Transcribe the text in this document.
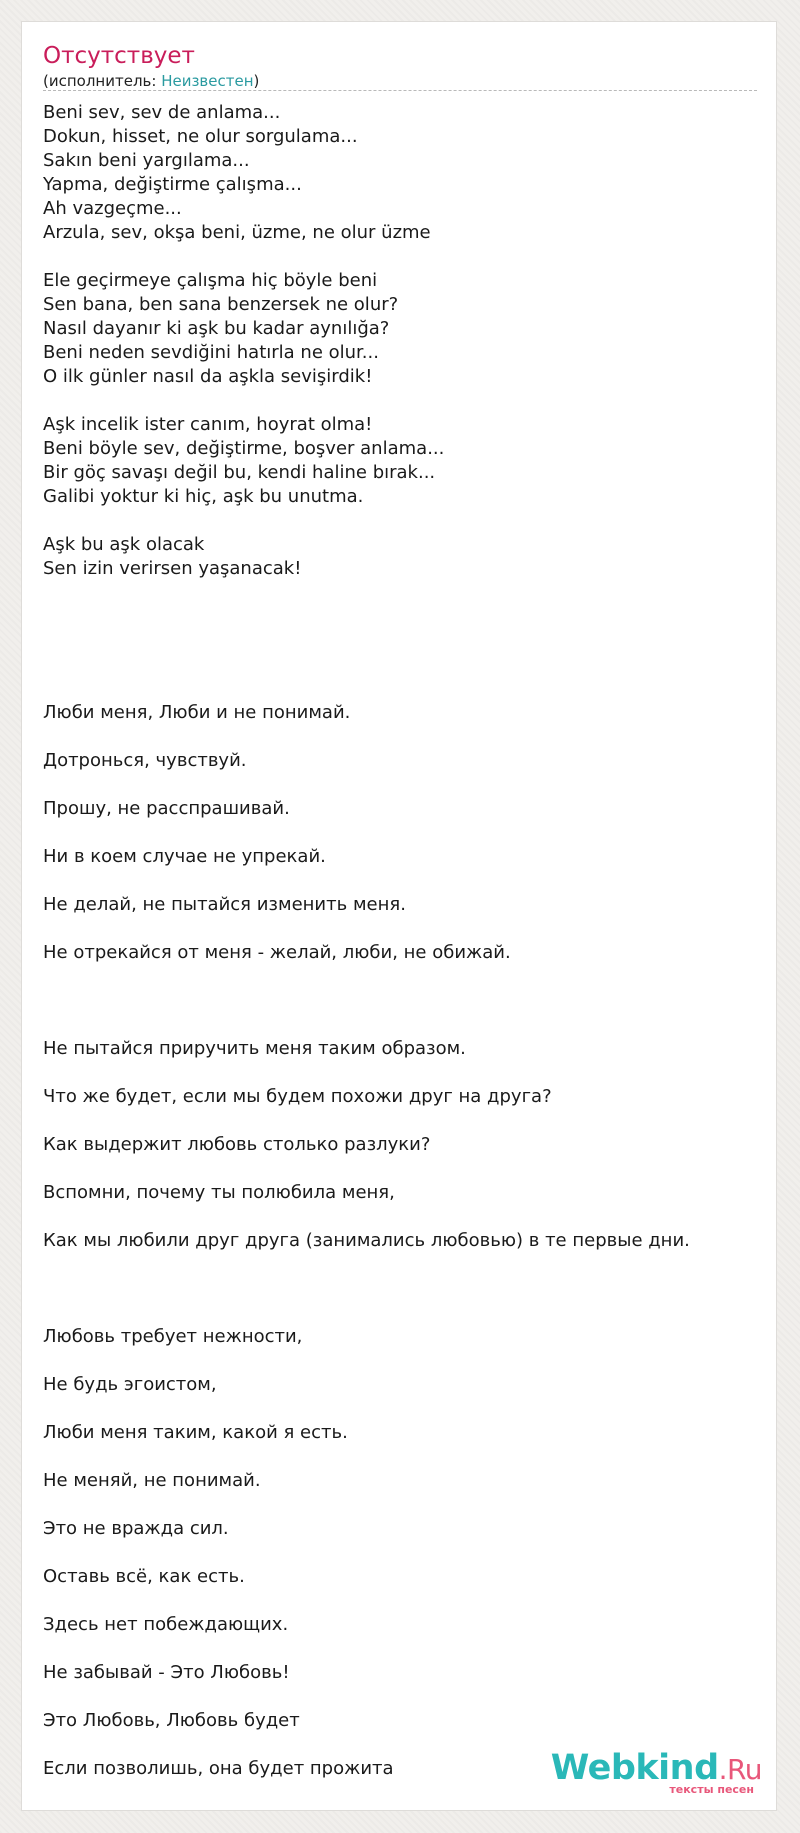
Отсутствует
(исполнитель: Неизвестен)
Beni sev, sev de anlama...
Dokun, hisset, ne olur sorgulama...
Sakın beni yargılama...
Yapma, değiştirme çalışma...
Ah vazgeçme...
Arzula, sev, okşa beni, üzme, ne olur üzme

Ele geçirmeye çalışma hiç böyle beni
Sen bana, ben sana benzersek ne olur?
Nasıl dayanır ki aşk bu kadar aynılığa?
Beni neden sevdiğini hatırla ne olur...
O ilk günler nasıl da aşkla sevişirdik!

Aşk incelik ister canım, hoyrat olma!
Beni böyle sev, değiştirme, boşver anlama...
Bir göç savaşı değil bu, kendi haline bırak...
Galibi yoktur ki hiç, aşk bu unutma.

Aşk bu aşk olacak
Sen izin verirsen yaşanacak!

Люби меня, Люби и не понимай.

Дотронься, чувствуй.

Прошу, не расспрашивай.

Ни в коем случае не упрекай.

Не делай, не пытайся изменить меня.

Не отрекайся от меня - желай, люби, не обижай.

Не пытайся приручить меня таким образом.

Что же будет, если мы будем похожи друг на друга?

Как выдержит любовь столько разлуки?

Вспомни, почему ты полюбила меня,

Как мы любили друг друга (занимались любовью) в те первые дни.

Любовь требует нежности,

Не будь эгоистом,

Люби меня таким, какой я есть.

Не меняй, не понимай.

Это не вражда сил.

Оставь всё, как есть.

Здесь нет побеждающих.

Не забывай - Это Любовь!

Это Любовь, Любовь будет

Если позволишь, она будет прожита	Webkind.Ru
тексты песен
